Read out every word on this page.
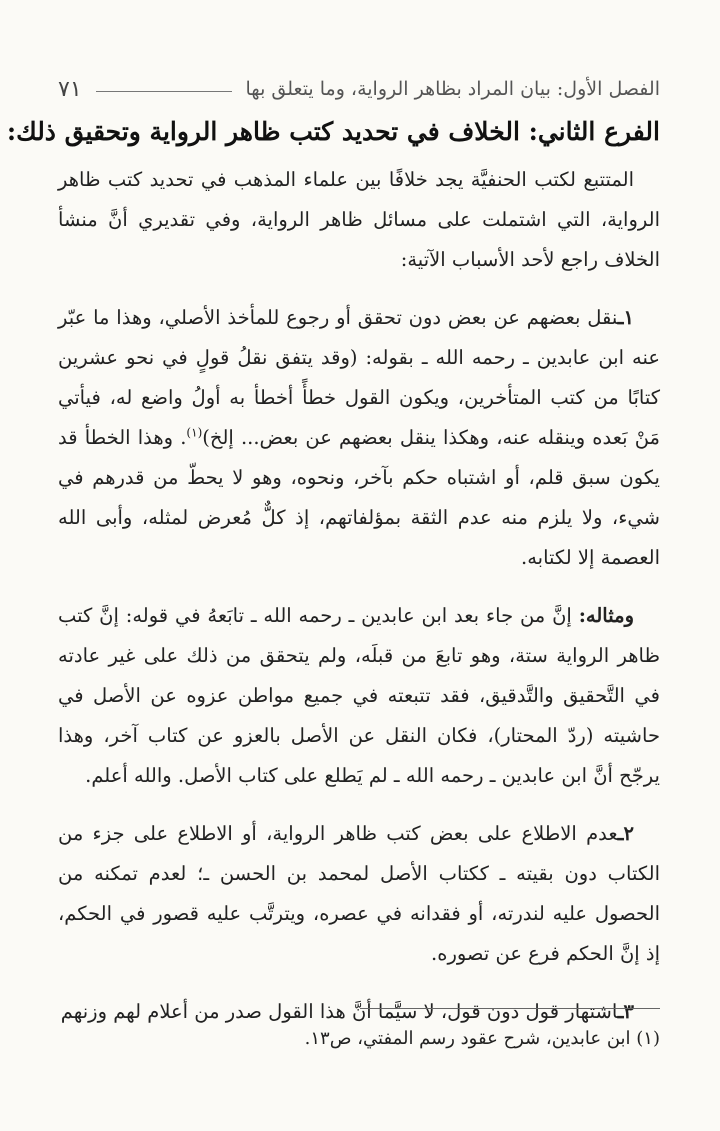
الفصل الأول: بيان المراد بظاهر الرواية، وما يتعلق بها
٧١
الفرع الثاني: الخلاف في تحديد كتب ظاهر الرواية وتحقيق ذلك:

المتتبع لكتب الحنفيَّة يجد خلافًا بين علماء المذهب في تحديد كتب ظاهر الرواية، التي اشتملت على مسائل ظاهر الرواية، وفي تقديري أنَّ منشأ الخلاف راجع لأحد الأسباب الآتية:

١ـنقل بعضهم عن بعض دون تحقق أو رجوع للمأخذ الأصلي، وهذا ما عبّر عنه ابن عابدين ـ رحمه الله ـ بقوله: (وقد يتفق نقلُ قولٍ في نحو عشرين كتابًا من كتب المتأخرين، ويكون القول خطأً أخطأ به أولُ واضع له، فيأتي مَنْ بَعده وينقله عنه، وهكذا ينقل بعضهم عن بعض... إلخ)$^{(١)}$. وهذا الخطأ قد يكون سبق قلم، أو اشتباه حكم بآخر، ونحوه، وهو لا يحطّ من قدرهم في شيء، ولا يلزم منه عدم الثقة بمؤلفاتهم، إذ كلٌّ مُعرض لمثله، وأبى الله العصمة إلا لكتابه.

ومثاله: إنَّ من جاء بعد ابن عابدين ـ رحمه الله ـ تابَعهُ في قوله: إنَّ كتب ظاهر الرواية ستة، وهو تابعَ من قبلَه، ولم يتحقق من ذلك على غير عادته في التَّحقيق والتَّدقيق، فقد تتبعته في جميع مواطن عزوه عن الأصل في حاشيته (ردّ المحتار)، فكان النقل عن الأصل بالعزو عن كتاب آخر، وهذا يرجّح أنَّ ابن عابدين ـ رحمه الله ـ لم يَطلع على كتاب الأصل. والله أعلم.

٢ـعدم الاطلاع على بعض كتب ظاهر الرواية، أو الاطلاع على جزء من الكتاب دون بقيته ـ ككتاب الأصل لمحمد بن الحسن ـ؛ لعدم تمكنه من الحصول عليه لندرته، أو فقدانه في عصره، ويترتَّب عليه قصور في الحكم، إذ إنَّ الحكم فرع عن تصوره.

٣ـاشتهار قول دون قول، لا سيَّما أنَّ هذا القول صدر من أعلام لهم وزنهم

(١) ابن عابدين، شرح عقود رسم المفتي، ص١٣.
